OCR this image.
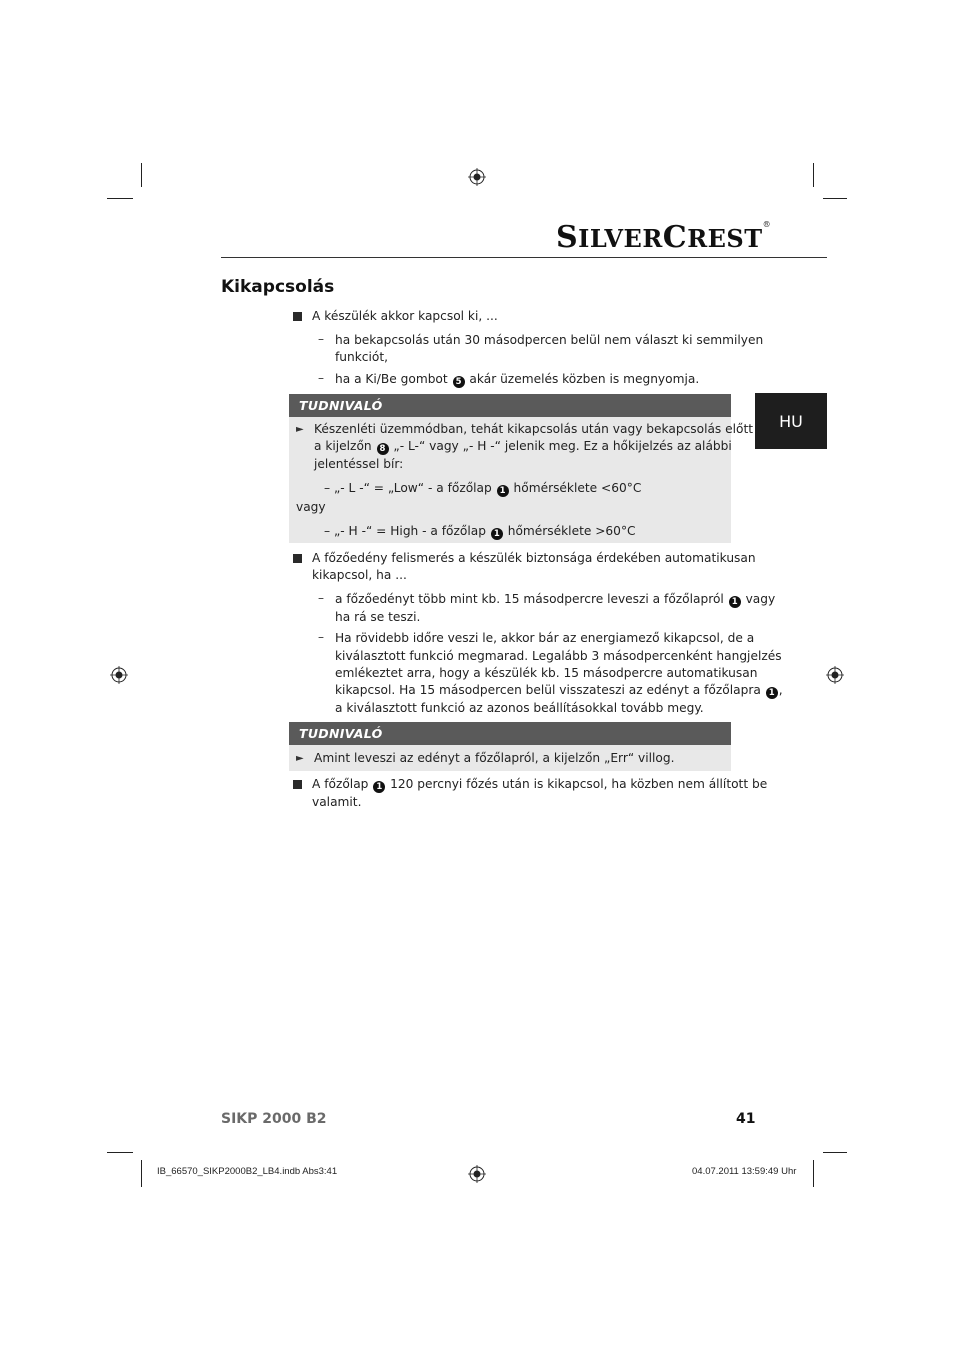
SILVERCREST®
Kikapcsolás
HU
A készülék akkor kapcsol ki, ...
– ha bekapcsolás után 30 másodpercen belül nem választ ki semmilyen
funkciót,
– ha a Ki/Be gombot 5 akár üzemelés közben is megnyomja.
TUDNIVALÓ
► Készenléti üzemmódban, tehát kikapcsolás után vagy bekapcsolás előtt
a kijelzőn 8 „- L-“ vagy „- H -“ jelenik meg. Ez a hőkijelzés az alábbi
jelentéssel bír:
– „- L -“ = „Low“ - a főzőlap 1 hőmérséklete <60°C
vagy
– „- H -“ = High - a főzőlap 1 hőmérséklete >60°C
A főzőedény felismerés a készülék biztonsága érdekében automatikusan
kikapcsol, ha ...
– a főzőedényt több mint kb. 15 másodpercre leveszi a főzőlapról 1 vagy
ha rá se teszi.
– Ha rövidebb időre veszi le, akkor bár az energiamező kikapcsol, de a
kiválasztott funkció megmarad. Legalább 3 másodpercenként hangjelzés
emlékeztet arra, hogy a készülék kb. 15 másodpercre automatikusan
kikapcsol. Ha 15 másodpercen belül visszateszi az edényt a főzőlapra 1 ,
a kiválasztott funkció az azonos beállításokkal tovább megy.
TUDNIVALÓ
► Amint leveszi az edényt a főzőlapról, a kijelzőn „Err“ villog.
A főzőlap 1 120 percnyi főzés után is kikapcsol, ha közben nem állított be
valamit.
SIKP 2000 B2	41
IB_66570_SIKP2000B2_LB4.indb Abs3:41	04.07.2011 13:59:49 Uhr
